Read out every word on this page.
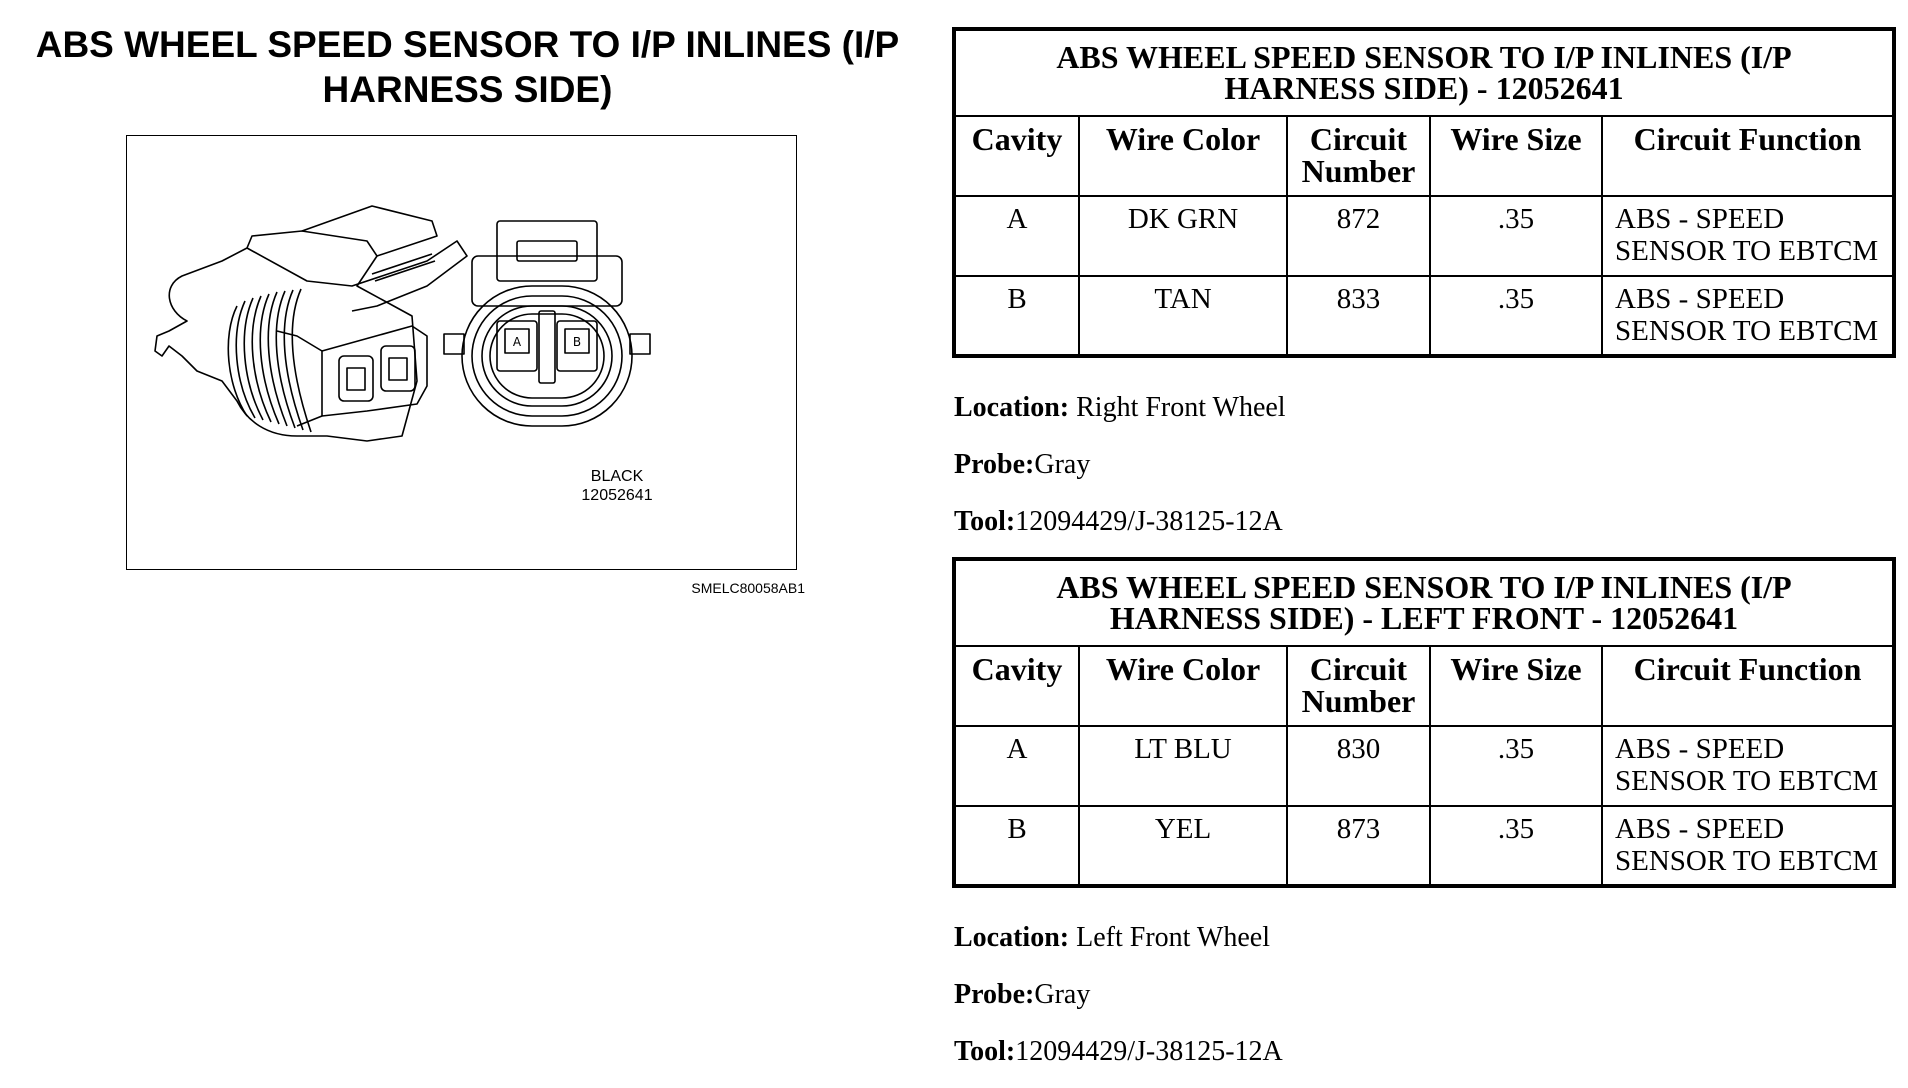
ABS WHEEL SPEED SENSOR TO I/P INLINES (I/P HARNESS SIDE)
A	B
BLACK
12052641
SMELC80058AB1
ABS WHEEL SPEED SENSOR TO I/P INLINES (I/P HARNESS SIDE) - 12052641				
Cavity	Wire Color	Circuit Number	Wire Size	Circuit Function
A	DK GRN	872	.35	ABS - SPEED SENSOR TO EBTCM
B	TAN	833	.35	ABS - SPEED SENSOR TO EBTCM
Location: Right Front Wheel
Probe:Gray
Tool:12094429/J-38125-12A
ABS WHEEL SPEED SENSOR TO I/P INLINES (I/P HARNESS SIDE) - LEFT FRONT - 12052641				
Cavity	Wire Color	Circuit Number	Wire Size	Circuit Function
A	LT BLU	830	.35	ABS - SPEED SENSOR TO EBTCM
B	YEL	873	.35	ABS - SPEED SENSOR TO EBTCM
Location: Left Front Wheel
Probe:Gray
Tool:12094429/J-38125-12A
